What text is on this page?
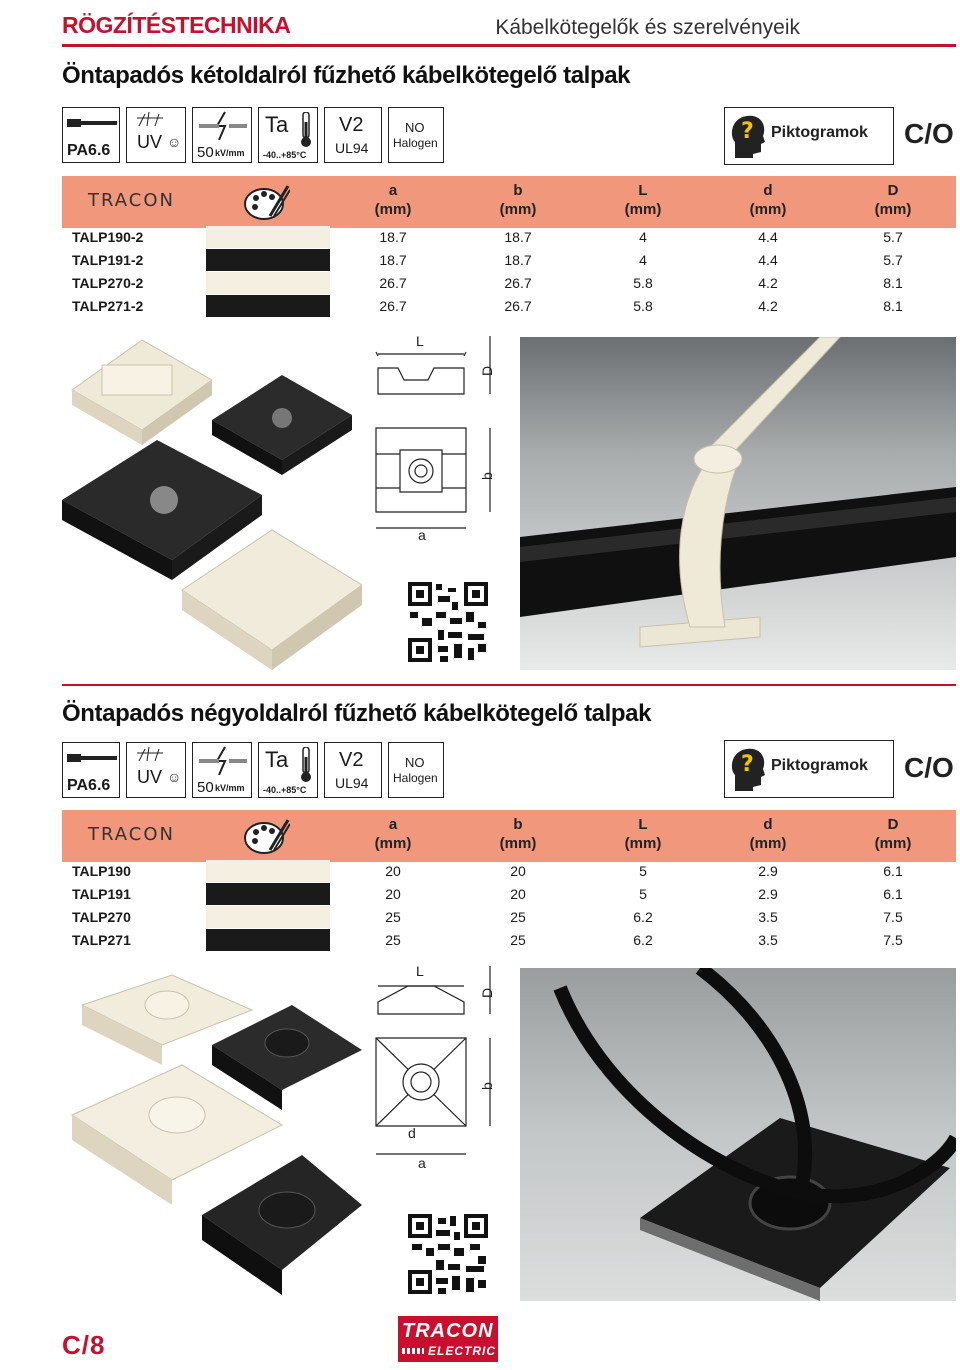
RÖGZÍTÉSTECHNIKA	Kábelkötegelők és szerelvényeik
Öntapadós kétoldalról fűzhető kábelkötegelő talpak
PA6.6 UV ☺
50 kV/mm
Ta
-40..+85°C
V2
UL94
NO
Halogen	? Piktogramok C/O
TRACON	a
(mm)
b
(mm)
L
(mm)
d
(mm)
D
(mm)
TALP190-2	18.7	18.7	4	4.4	5.7
TALP191-2	18.7	18.7	4	4.4	5.7
TALP270-2	26.7	26.7	5.8	4.2	8.1
TALP271-2	26.7	26.7	5.8	4.2	8.1
L
D
b
a
Öntapadós négyoldalról fűzhető kábelkötegelő talpak
PA6.6 UV ☺
50 kV/mm
Ta
-40..+85°C
V2
UL94
NO
Halogen
? Piktogramok C/O
TRACON	a
(mm)
b
(mm)
L
(mm)
d
(mm)
D
(mm)
TALP190	20	20	5	2.9	6.1
TALP191	20	20	5	2.9	6.1
TALP270	25	25	6.2	3.5	7.5
TALP271	25	25	6.2	3.5	7.5
L
D
b
d
a
C/8	TRACON
ELECTRIC
